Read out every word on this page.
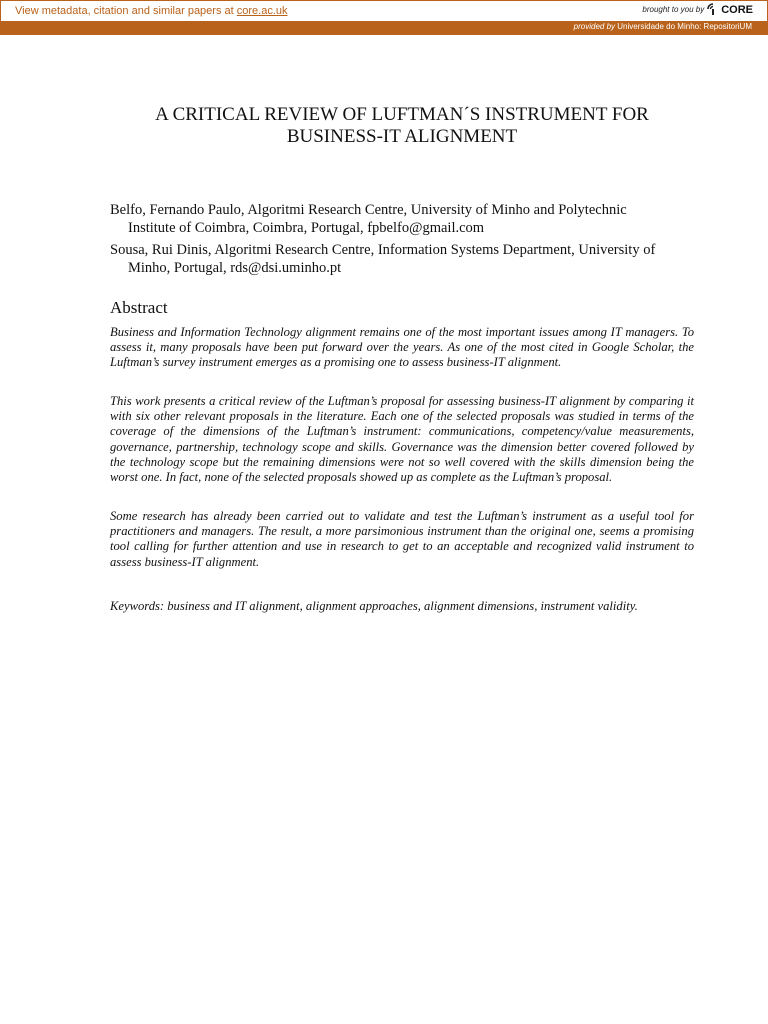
View metadata, citation and similar papers at core.ac.uk	brought to you by CORE
provided by Universidade do Minho: RepositoriUM
A CRITICAL REVIEW OF LUFTMAN´S INSTRUMENT FOR
BUSINESS-IT ALIGNMENT
Belfo, Fernando Paulo, Algoritmi Research Centre, University of Minho and Polytechnic
Institute of Coimbra, Coimbra, Portugal, fpbelfo@gmail.com
Sousa, Rui Dinis, Algoritmi Research Centre, Information Systems Department, University of
Minho, Portugal, rds@dsi.uminho.pt
Abstract
Business and Information Technology alignment remains one of the most important issues among IT managers. To assess it, many proposals have been put forward over the years. As one of the most cited in Google Scholar, the Luftman’s survey instrument emerges as a promising one to assess business-IT alignment.
This work presents a critical review of the Luftman’s proposal for assessing business-IT alignment by comparing it with six other relevant proposals in the literature. Each one of the selected proposals was studied in terms of the coverage of the dimensions of the Luftman’s instrument: communications, competency/value measurements, governance, partnership, technology scope and skills. Governance was the dimension better covered followed by the technology scope but the remaining dimensions were not so well covered with the skills dimension being the worst one. In fact, none of the selected proposals showed up as complete as the Luftman’s proposal.
Some research has already been carried out to validate and test the Luftman’s instrument as a useful tool for practitioners and managers. The result, a more parsimonious instrument than the original one, seems a promising tool calling for further attention and use in research to get to an acceptable and recognized valid instrument to assess business-IT alignment.
Keywords: business and IT alignment, alignment approaches, alignment dimensions, instrument validity.
